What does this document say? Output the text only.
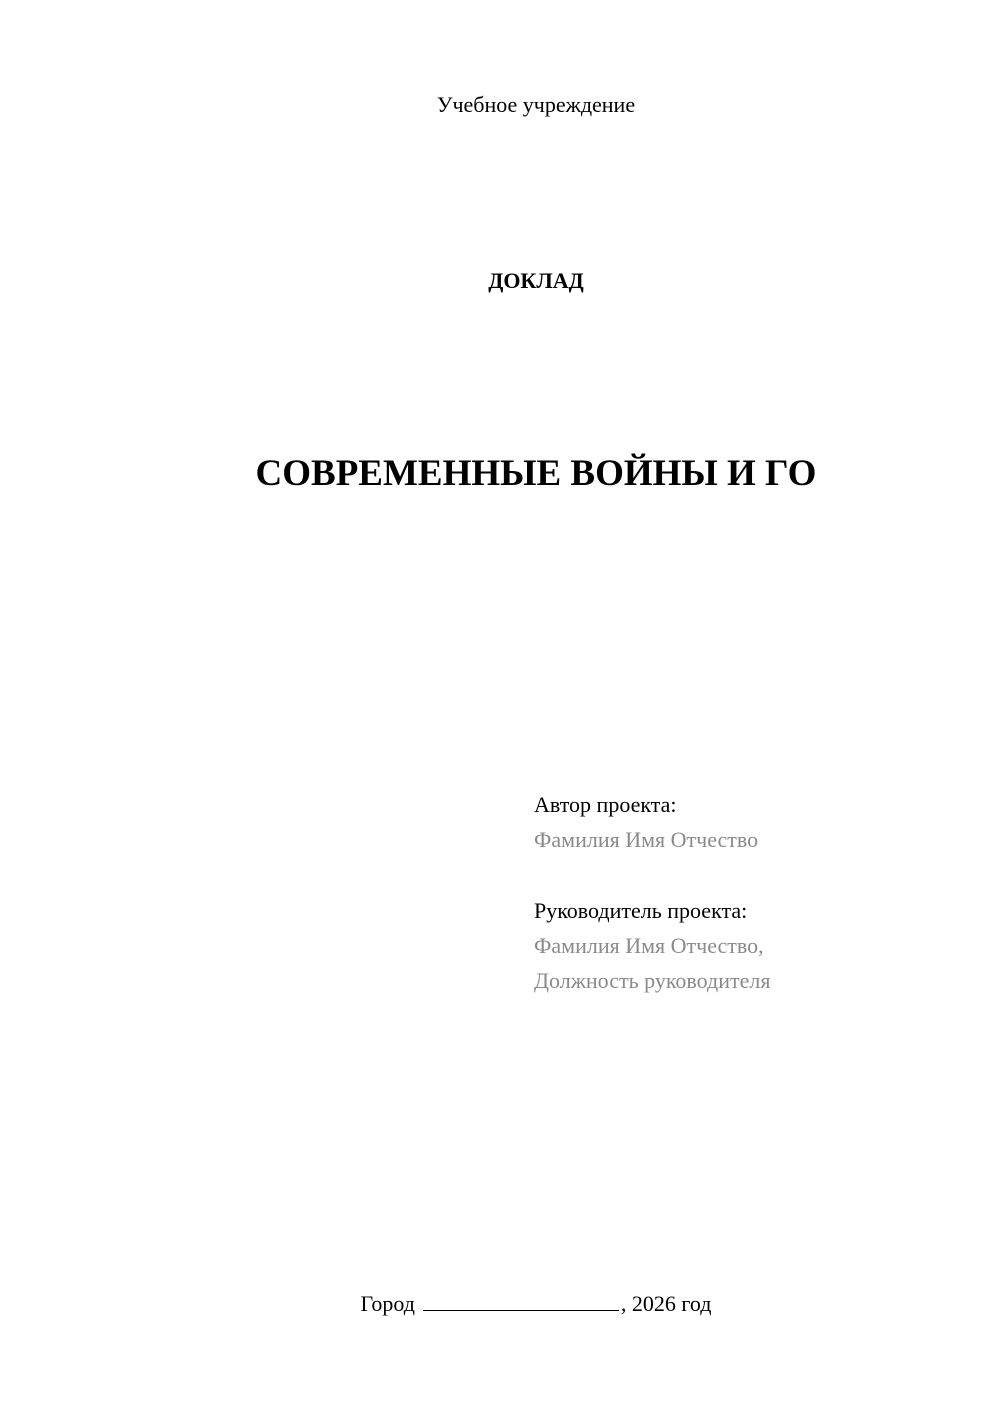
Учебное учреждение
ДОКЛАД
СОВРЕМЕННЫЕ ВОЙНЫ И ГО
Автор проекта:
Фамилия Имя Отчество
Руководитель проекта:
Фамилия Имя Отчество,
Должность руководителя
Город	, 2026 год
